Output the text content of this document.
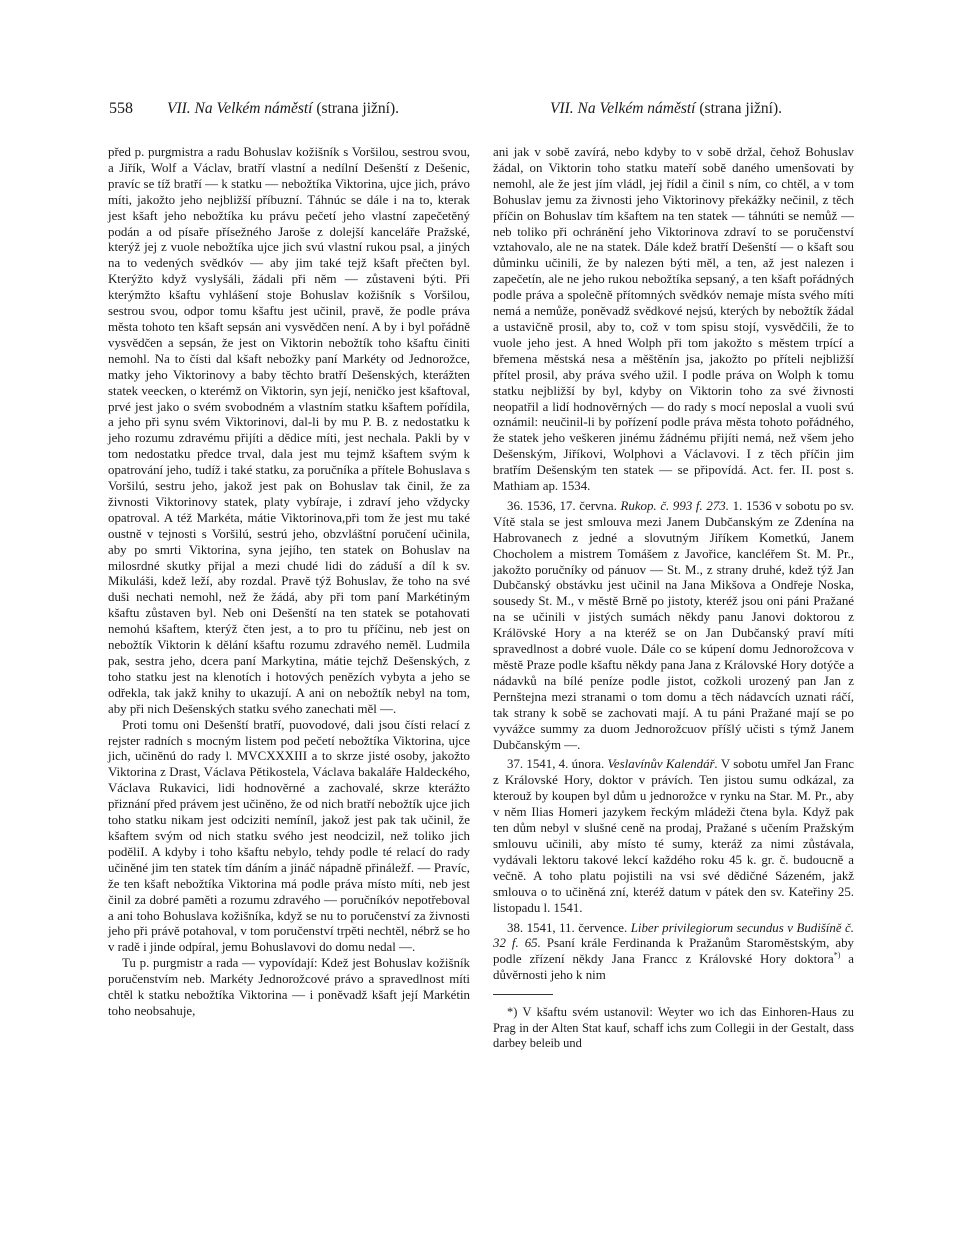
558 VII. Na Velkém náměstí (strana jižní).	VII. Na Velkém náměstí (strana jižní).

před p. purgmistra a radu Bohuslav kožišník s Voršilou, sestrou svou, a Jiřík, Wolf a Václav, bratří vlastní a nedílní Dešenští z Dešenic, pravíc se tíž bratří — k statku — nebožtíka Viktorina, ujce jich, právo míti, jakožto jeho nejbližší příbuzní. Táhnúc se dále i na to, kterak jest kšaft jeho nebožtíka ku právu pečetí jeho vlastní zapečetěný podán a od písaře přísežného Jaroše z dolejší kanceláře Pražské, kterýž jej z vuole nebožtíka ujce jich svú vlastní rukou psal, a jiných na to vedených svědkóv — aby jim také tejž kšaft přečten byl. Kterýžto když vyslyšáli, žádali při něm — zůstaveni býti. Při kterýmžto kšaftu vyhlášení stoje Bohuslav kožišník s Voršilou, sestrou svou, odpor tomu kšaftu jest učinil, pravě, že podle práva města tohoto ten kšaft sepsán ani vysvědčen není. A by i byl pořádně vysvědčen a sepsán, že jest on Viktorin nebožtík toho kšaftu činiti nemohl. Na to čísti dal kšaft nebožky paní Markéty od Jednorožce, matky jeho Viktorinovy a baby těchto bratří Dešenských, kterážten statek veecken, o kterémž on Viktorin, syn její, neničko jest kšaftoval, prvé jest jako o svém svobodném a vlastním statku kšaftem pořídila, a jeho při synu svém Viktorinovi, dal-li by mu P. B. z nedostatku k jeho rozumu zdravému přijíti a dědice míti, jest nechala. Pakli by v tom nedostatku předce trval, dala jest mu tejmž kšaftem svým k opatrování jeho, tudíž i také statku, za poručníka a přítele Bohuslava s Voršilú, sestru jeho, jakož jest pak on Bohuslav tak činil, že za živnosti Viktorinovy statek, platy vybíraje, i zdraví jeho vždycky opatroval. A též Markéta, mátie Viktorinova,při tom že jest mu také oustně v tejnosti s Voršilú, sestrú jeho, obzvláštní poručení učinila, aby po smrti Viktorina, syna jejího, ten statek on Bohuslav na milosrdné skutky přijal a mezi chudé lidi do záduší a díl k sv. Mikuláši, kdež leží, aby rozdal. Pravě týž Bohuslav, že toho na své duši nechati nemohl, než že žádá, aby při tom paní Markétiným kšaftu zůstaven byl. Neb oni Dešenští na ten statek se potahovati nemohú kšaftem, kterýž čten jest, a to pro tu příčinu, neb jest on nebožtík Viktorin k dělání kšaftu rozumu zdravého neměl. Ludmila pak, sestra jeho, dcera paní Markytina, mátie tejchž Dešenských, z toho statku jest na klenotích i hotových penězích vybyta a jeho se odřekla, tak jakž knihy to ukazují. A ani on nebožtík nebyl na tom, aby při nich Dešenských statku svého zanechati měl —.

Proti tomu oni Dešenští bratří, puovodové, dali jsou čísti relací z rejster radních s mocným listem pod pečetí nebožtíka Viktorina, ujce jich, učiněnú do rady l. MVCXXXIII a to skrze jisté osoby, jakožto Viktorina z Drast, Václava Pětikostela, Václava bakaláře Haldeckého, Václava Rukavici, lidi hodnověrné a zachovalé, skrze kterážto přiznání před právem jest učiněno, že od nich bratří nebožtík ujce jich toho statku nikam jest odciziti nemíníl, jakož jest pak tak učinil, že kšaftem svým od nich statku svého jest neodcizil, než toliko jich poděliI. A kdyby i toho kšaftu nebylo, tehdy podle té relací do rady učiněné jim ten statek tím dáním a jináč nápadně přináležf. — Pravíc, že ten kšaft nebožtíka Viktorina má podle práva místo míti, neb jest činil za dobré paměti a rozumu zdravého — poručníkóv nepotřeboval a ani toho Bohuslava kožišníka, když se nu to poručenství za živnosti jeho při právě potahoval, v tom poručenství trpěti nechtěl, nébrž se ho v radě i jinde odpíral, jemu Bohuslavovi do domu nedal —.

Tu p. purgmistr a rada — vypovídají: Kdež jest Bohuslav kožišník poručenstvím neb. Markéty Jednorožcové právo a spravedlnost míti chtěl k statku nebožtíka Viktorina — i poněvadž kšaft její Markétin toho neobsahuje,

ani jak v sobě zavírá, nebo kdyby to v sobě držal, čehož Bohuslav žádal, on Viktorin toho statku mateří sobě daného umenšovati by nemohl, ale že jest jím vládl, jej řídil a činil s ním, co chtěl, a v tom Bohuslav jemu za živnosti jeho Viktorinovy překážky nečinil, z těch příčin on Bohuslav tím kšaftem na ten statek — táhnúti se nemůž — neb toliko při ochránění jeho Viktorinova zdraví to se poručenství vztahovalo, ale ne na statek. Dále kdež bratří Dešenští — o kšaft sou důminku učinili, že by nalezen býti měl, a ten, až jest nalezen i zapečetín, ale ne jeho rukou nebožtíka sepsaný, a ten kšaft pořádných podle práva a společně přítomných svědkóv nemaje místa svého míti nemá a nemůže, poněvadž svědkové nejsú, kterých by nebožtík žádal a ustavičně prosil, aby to, což v tom spisu stojí, vysvědčili, že to vuole jeho jest. A hned Wolph při tom jakožto s městem trpící a břemena městská nesa a měštěnín jsa, jakožto po příteli nejbližší přítel prosil, aby práva svého užil. I podle práva on Wolph k tomu statku nejbližší by byl, kdyby on Viktorin toho za své živnosti neopatřil a lidí hodnověrných — do rady s mocí neposlal a vuoli svú oznámil: neučinil-li by pořízení podle práva města tohoto pořádného, že statek jeho veškeren jinému žádnému přijíti nemá, než všem jeho Dešenským, Jiříkovi, Wolphovi a Václavovi. I z těch příčin jim bratřím Dešenským ten statek — se připovídá. Act. fer. II. post s. Mathiam ap. 1534.

36. 1536, 17. června. Rukop. č. 993 f. 273. 1. 1536 v sobotu po sv. Vítě stala se jest smlouva mezi Janem Dubčanským ze Zdenína na Habrovanech z jedné a slovutným Jiříkem Kometkú, Janem Chocholem a mistrem Tomášem z Javořice, kancléřem St. M. Pr., jakožto poručníky od pánuov — St. M., z strany druhé, kdež týž Jan Dubčanský obstávku jest učinil na Jana Mikšova a Ondřeje Noska, sousedy St. M., v městě Brně po jistoty, kteréž jsou oni páni Pražané na se učinili v jistých sumách někdy panu Janovi doktorou z Králövské Hory a na kteréž se on Jan Dubčanský praví míti spravedlnost a dobré vuole. Dále co se kúpení domu Jednorožcova v městě Praze podle kšaftu někdy pana Jana z Královské Hory dotýče a nádavků na bílé peníze podle jistot, cožkoli urozený pan Jan z Pernštejna mezi stranami o tom domu a těch nádavcích uznati ráčí, tak strany k sobě se zachovati mají. A tu páni Pražané mají se po vyvážce summy za duom Jednorožcuov příšlý učisti s týmž Janem Dubčanským —.

37. 1541, 4. února. Veslavínův Kalendář. V sobotu umřel Jan Franc z Královské Hory, doktor v právích. Ten jistou sumu odkázal, za kterouž by koupen byl dům u jednorožce v rynku na Star. M. Pr., aby v něm Ilias Homeri jazykem řeckým mládeži čtena byla. Když pak ten dům nebyl v slušné ceně na prodaj, Pražané s učením Pražským smlouvu učinili, aby místo té sumy, kteráž za nimi zůstávala, vydávali lektoru takové lekcí každého roku 45 k. gr. č. budoucně a večně. A toho platu pojistili na vsi své dědičné Sázeném, jakž smlouva o to učiněná zní, kteréž datum v pátek den sv. Kateřiny 25. listopadu l. 1541.

38. 1541, 11. července. Liber privilegiorum secundus v Budišíně č. 32 f. 65. Psaní krále Ferdinanda k Pražanům Staroměstským, aby podle zřízení někdy Jana Francc z Královské Hory doktora*) a důvěrnosti jeho k nim

*) V kšaftu svém ustanovil: Weyter wo ich das Einhoren-Haus zu Prag in der Alten Stat kauf, schaff ichs zum Collegii in der Gestalt, dass darbey beleib und
